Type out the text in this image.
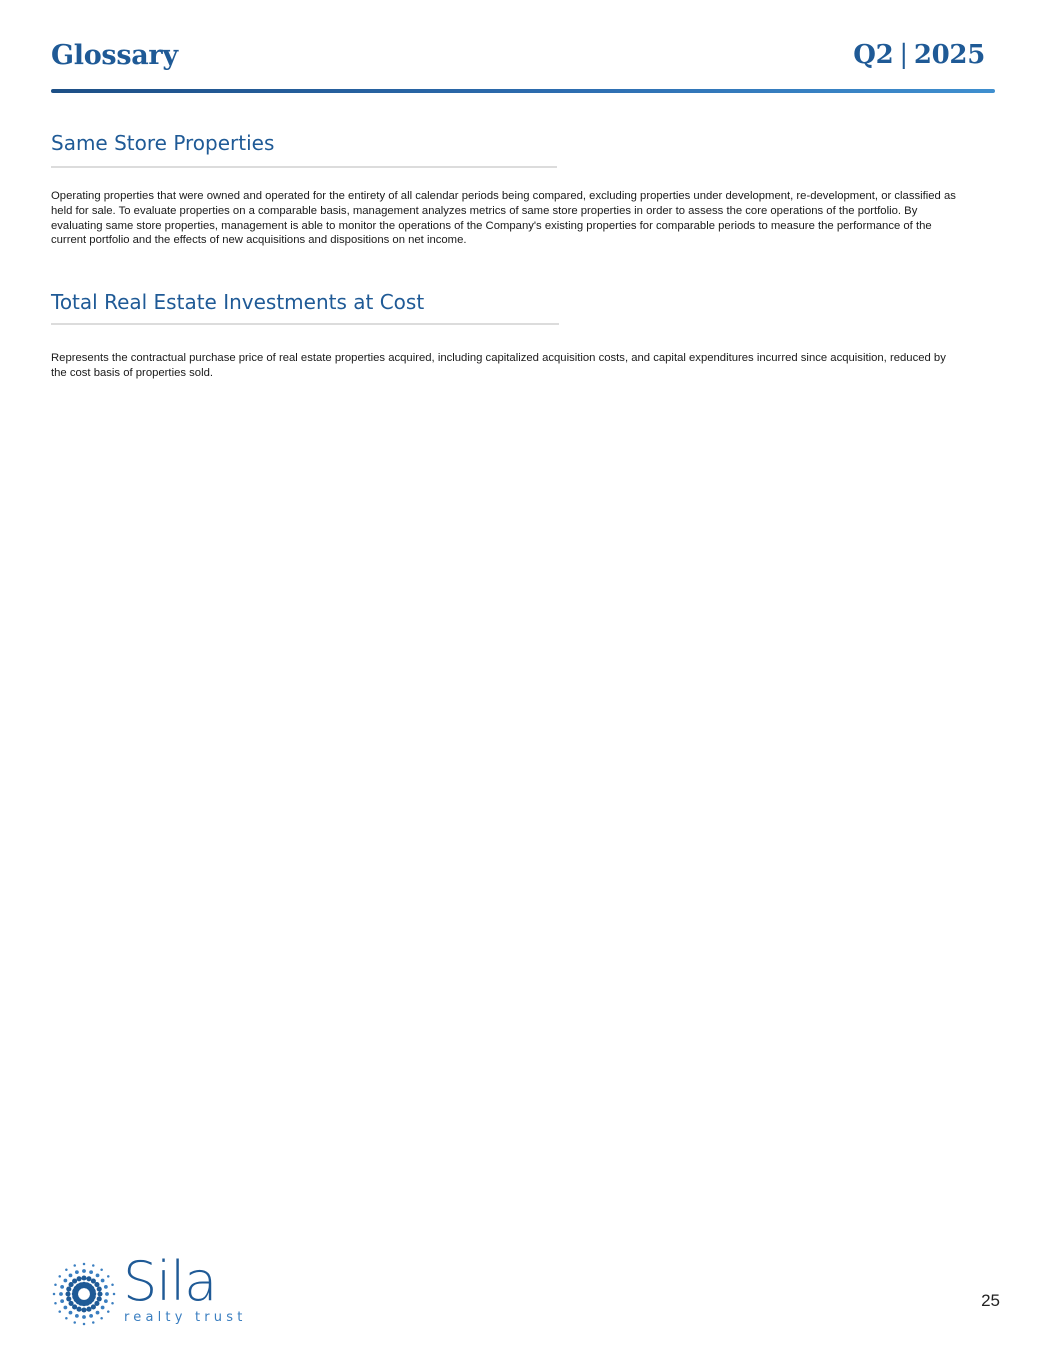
Glossary	Q2 | 2025
Same Store Properties
Operating properties that were owned and operated for the entirety of all calendar periods being compared, excluding properties under development, re-development, or classified as held for sale. To evaluate properties on a comparable basis, management analyzes metrics of same store properties in order to assess the core operations of the portfolio. By evaluating same store properties, management is able to monitor the operations of the Company's existing properties for comparable periods to measure the performance of the current portfolio and the effects of new acquisitions and dispositions on net income.
Total Real Estate Investments at Cost
Represents the contractual purchase price of real estate properties acquired, including capitalized acquisition costs, and capital expenditures incurred since acquisition, reduced by the cost basis of properties sold.
Sila
realty trust
25
